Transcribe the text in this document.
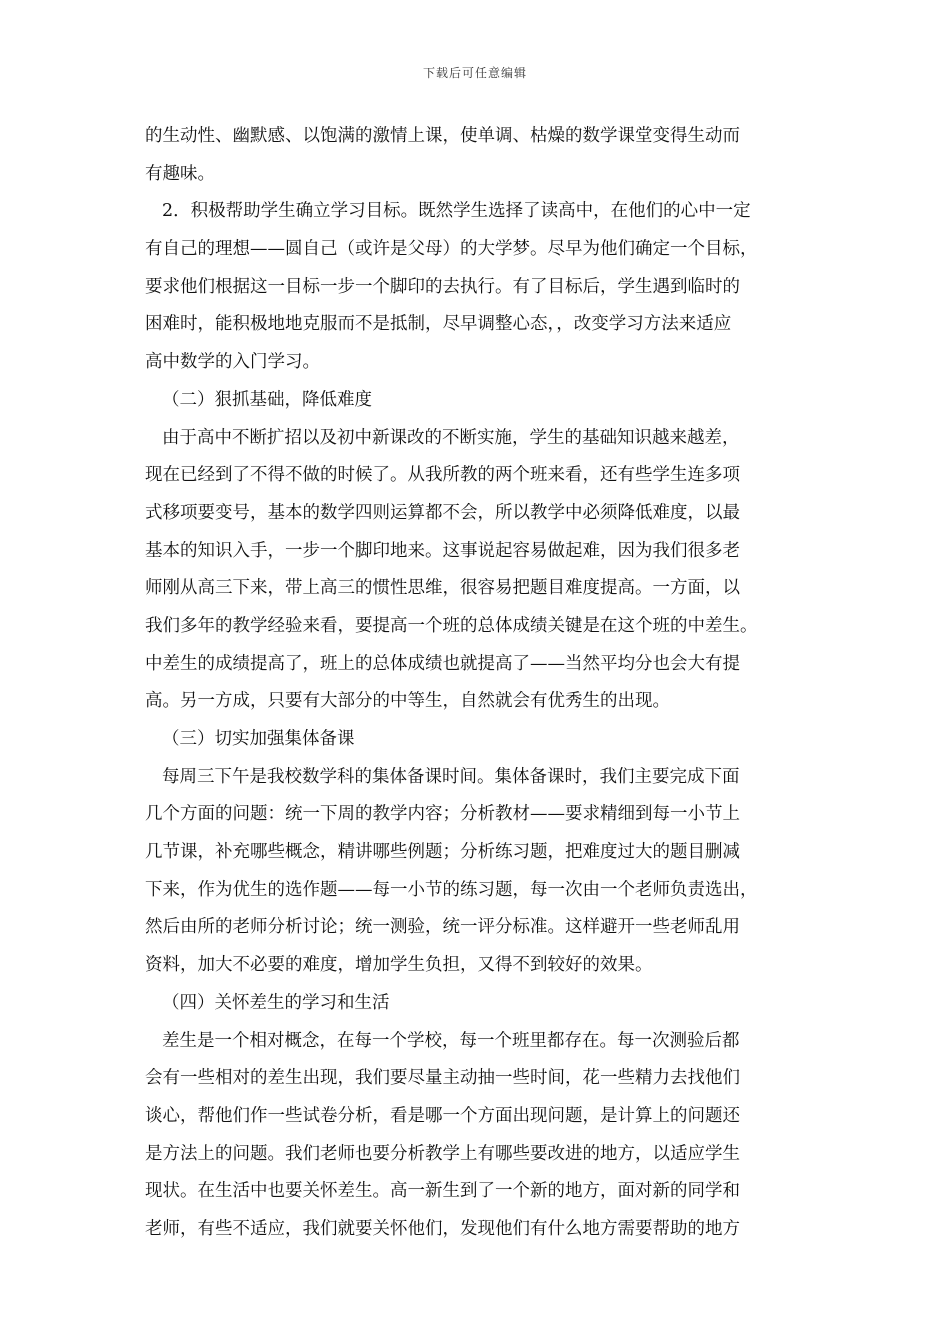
下载后可任意编辑
的生动性、幽默感、以饱满的激情上课，使单调、枯燥的数学课堂变得生动而
有趣味。
2．积极帮助学生确立学习目标。既然学生选择了读高中，在他们的心中一定
有自己的理想——圆自己（或许是父母）的大学梦。尽早为他们确定一个目标，
要求他们根据这一目标一步一个脚印的去执行。有了目标后，学生遇到临时的
困难时，能积极地地克服而不是抵制，尽早调整心态，，改变学习方法来适应
高中数学的入门学习。
（二）狠抓基础，降低难度
由于高中不断扩招以及初中新课改的不断实施，学生的基础知识越来越差，
现在已经到了不得不做的时候了。从我所教的两个班来看，还有些学生连多项
式移项要变号，基本的数学四则运算都不会，所以教学中必须降低难度，以最
基本的知识入手，一步一个脚印地来。这事说起容易做起难，因为我们很多老
师刚从高三下来，带上高三的惯性思维，很容易把题目难度提高。一方面，以
我们多年的教学经验来看，要提高一个班的总体成绩关键是在这个班的中差生。
中差生的成绩提高了，班上的总体成绩也就提高了——当然平均分也会大有提
高。另一方成，只要有大部分的中等生，自然就会有优秀生的出现。
（三）切实加强集体备课
每周三下午是我校数学科的集体备课时间。集体备课时，我们主要完成下面
几个方面的问题：统一下周的教学内容；分析教材——要求精细到每一小节上
几节课，补充哪些概念，精讲哪些例题；分析练习题，把难度过大的题目删减
下来，作为优生的选作题——每一小节的练习题，每一次由一个老师负责选出，
然后由所的老师分析讨论；统一测验，统一评分标准。这样避开一些老师乱用
资料，加大不必要的难度，增加学生负担，又得不到较好的效果。
（四）关怀差生的学习和生活
差生是一个相对概念，在每一个学校，每一个班里都存在。每一次测验后都
会有一些相对的差生出现，我们要尽量主动抽一些时间，花一些精力去找他们
谈心，帮他们作一些试卷分析，看是哪一个方面出现问题，是计算上的问题还
是方法上的问题。我们老师也要分析教学上有哪些要改进的地方，以适应学生
现状。在生活中也要关怀差生。高一新生到了一个新的地方，面对新的同学和
老师，有些不适应，我们就要关怀他们，发现他们有什么地方需要帮助的地方
